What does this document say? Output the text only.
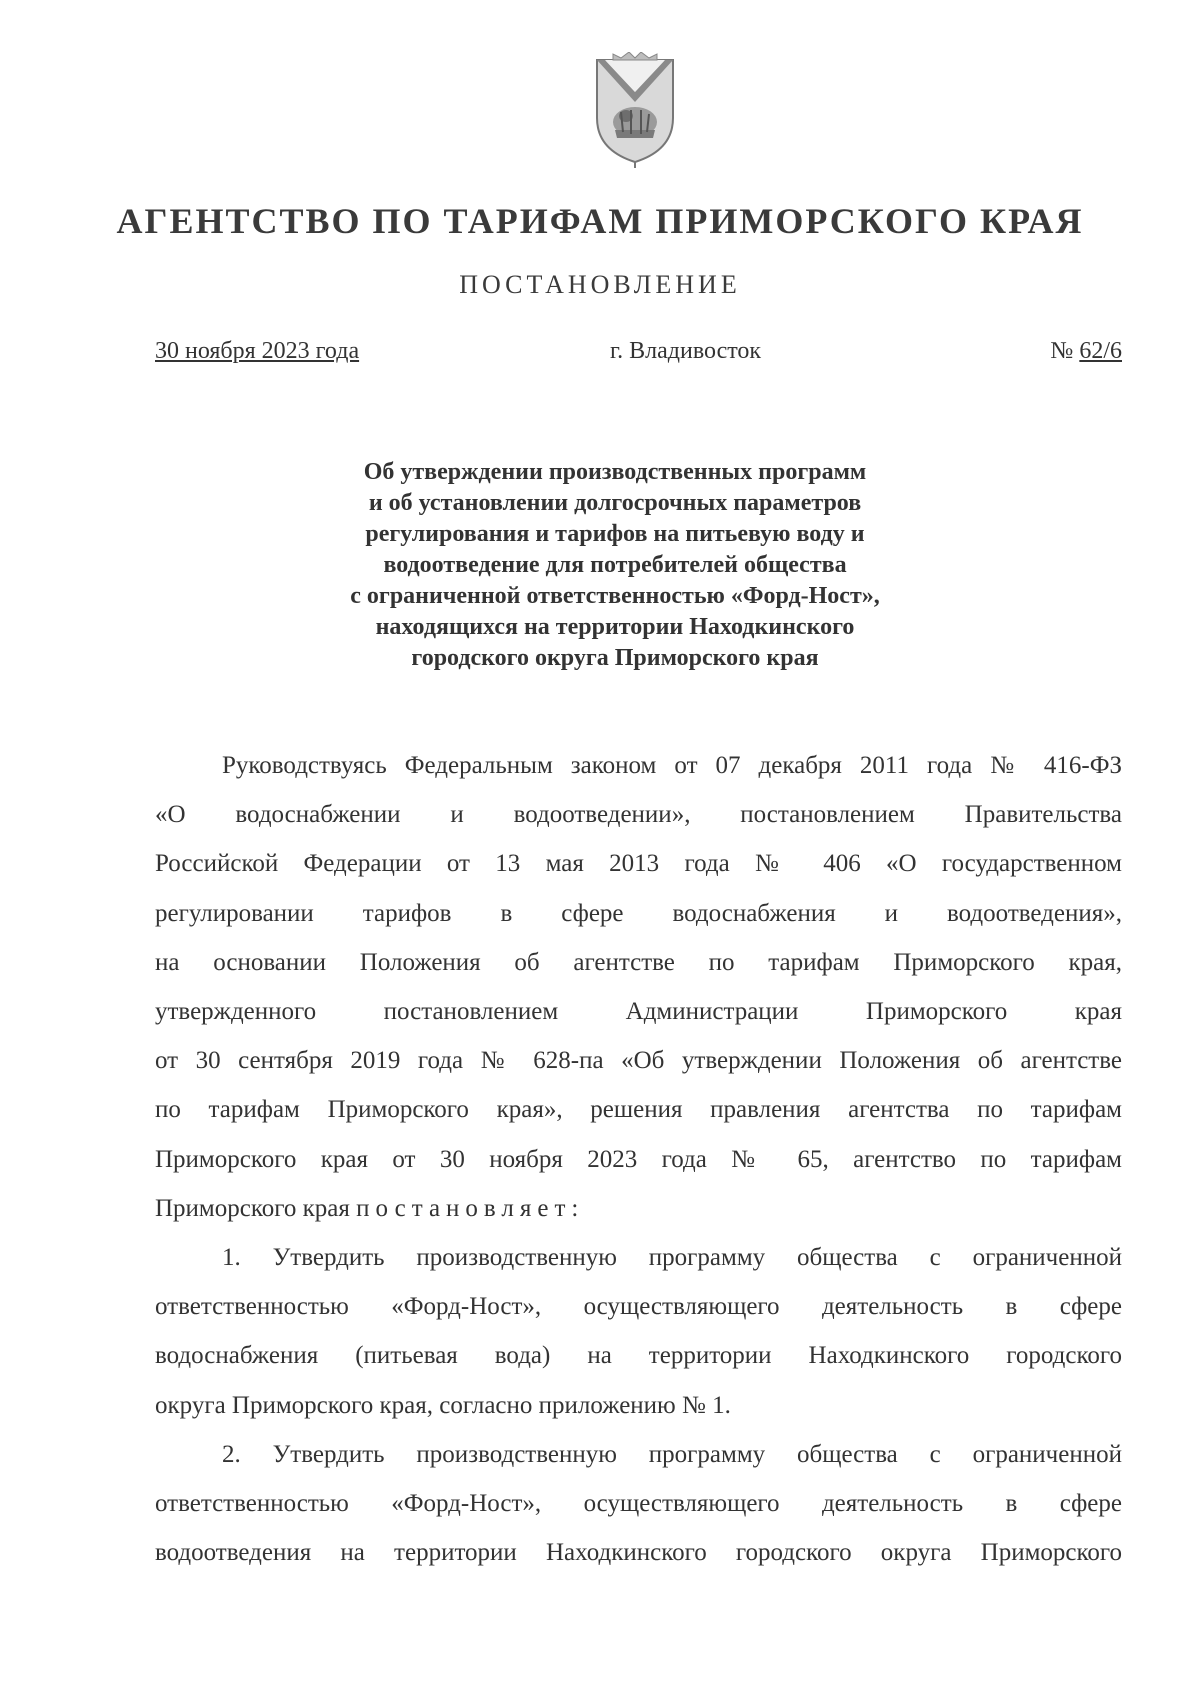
АГЕНТСТВО ПО ТАРИФАМ ПРИМОРСКОГО КРАЯ
ПОСТАНОВЛЕНИЕ
30 ноября 2023 года	г. Владивосток	№ 62/6
Об утверждении производственных программ
и об установлении долгосрочных параметров
регулирования и тарифов на питьевую воду и
водоотведение для потребителей общества
с ограниченной ответственностью «Форд-Ност»,
находящихся на территории Находкинского
городского округа Приморского края

Руководствуясь Федеральным законом от 07 декабря 2011 года № 416-ФЗ
«О водоснабжении и водоотведении», постановлением Правительства
Российской Федерации от 13 мая 2013 года № 406 «О государственном
регулировании тарифов в сфере водоснабжения и водоотведения»,
на основании Положения об агентстве по тарифам Приморского края,
утвержденного постановлением Администрации Приморского края
от 30 сентября 2019 года № 628-па «Об утверждении Положения об агентстве
по тарифам Приморского края», решения правления агентства по тарифам
Приморского края от 30 ноября 2023 года № 65, агентство по тарифам
Приморского края постановляет:

1. Утвердить производственную программу общества с ограниченной
ответственностью «Форд-Ност», осуществляющего деятельность в сфере
водоснабжения (питьевая вода) на территории Находкинского городского
округа Приморского края, согласно приложению № 1.

2. Утвердить производственную программу общества с ограниченной
ответственностью «Форд-Ност», осуществляющего деятельность в сфере
водоотведения на территории Находкинского городского округа Приморского
